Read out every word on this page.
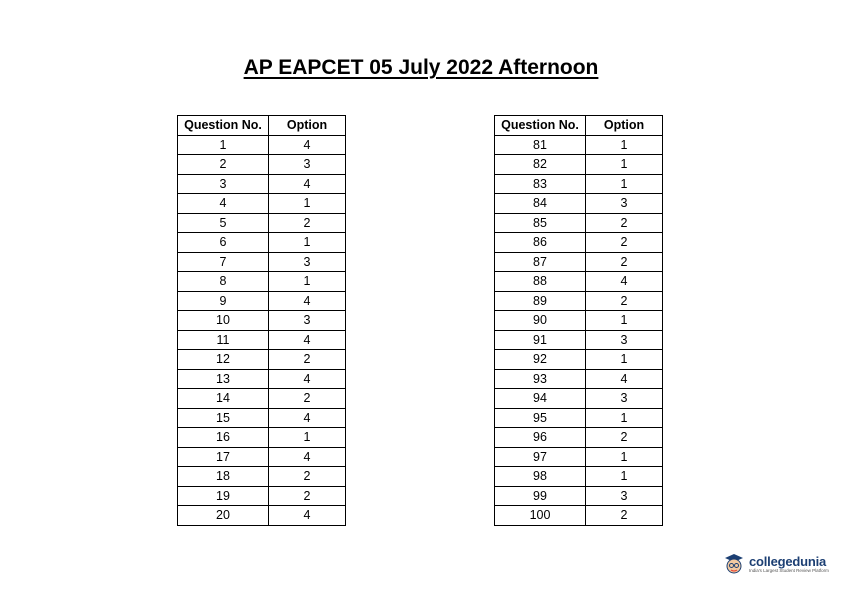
AP EAPCET 05 July 2022 Afternoon
Question No.	Option
1	4
2	3
3	4
4	1
5	2
6	1
7	3
8	1
9	4
10	3
11	4
12	2
13	4
14	2
15	4
16	1
17	4
18	2
19	2
20	4
Question No.	Option
81	1
82	1
83	1
84	3
85	2
86	2
87	2
88	4
89	2
90	1
91	3
92	1
93	4
94	3
95	1
96	2
97	1
98	1
99	3
100	2
collegedunia
India's Largest Student Review Platform
